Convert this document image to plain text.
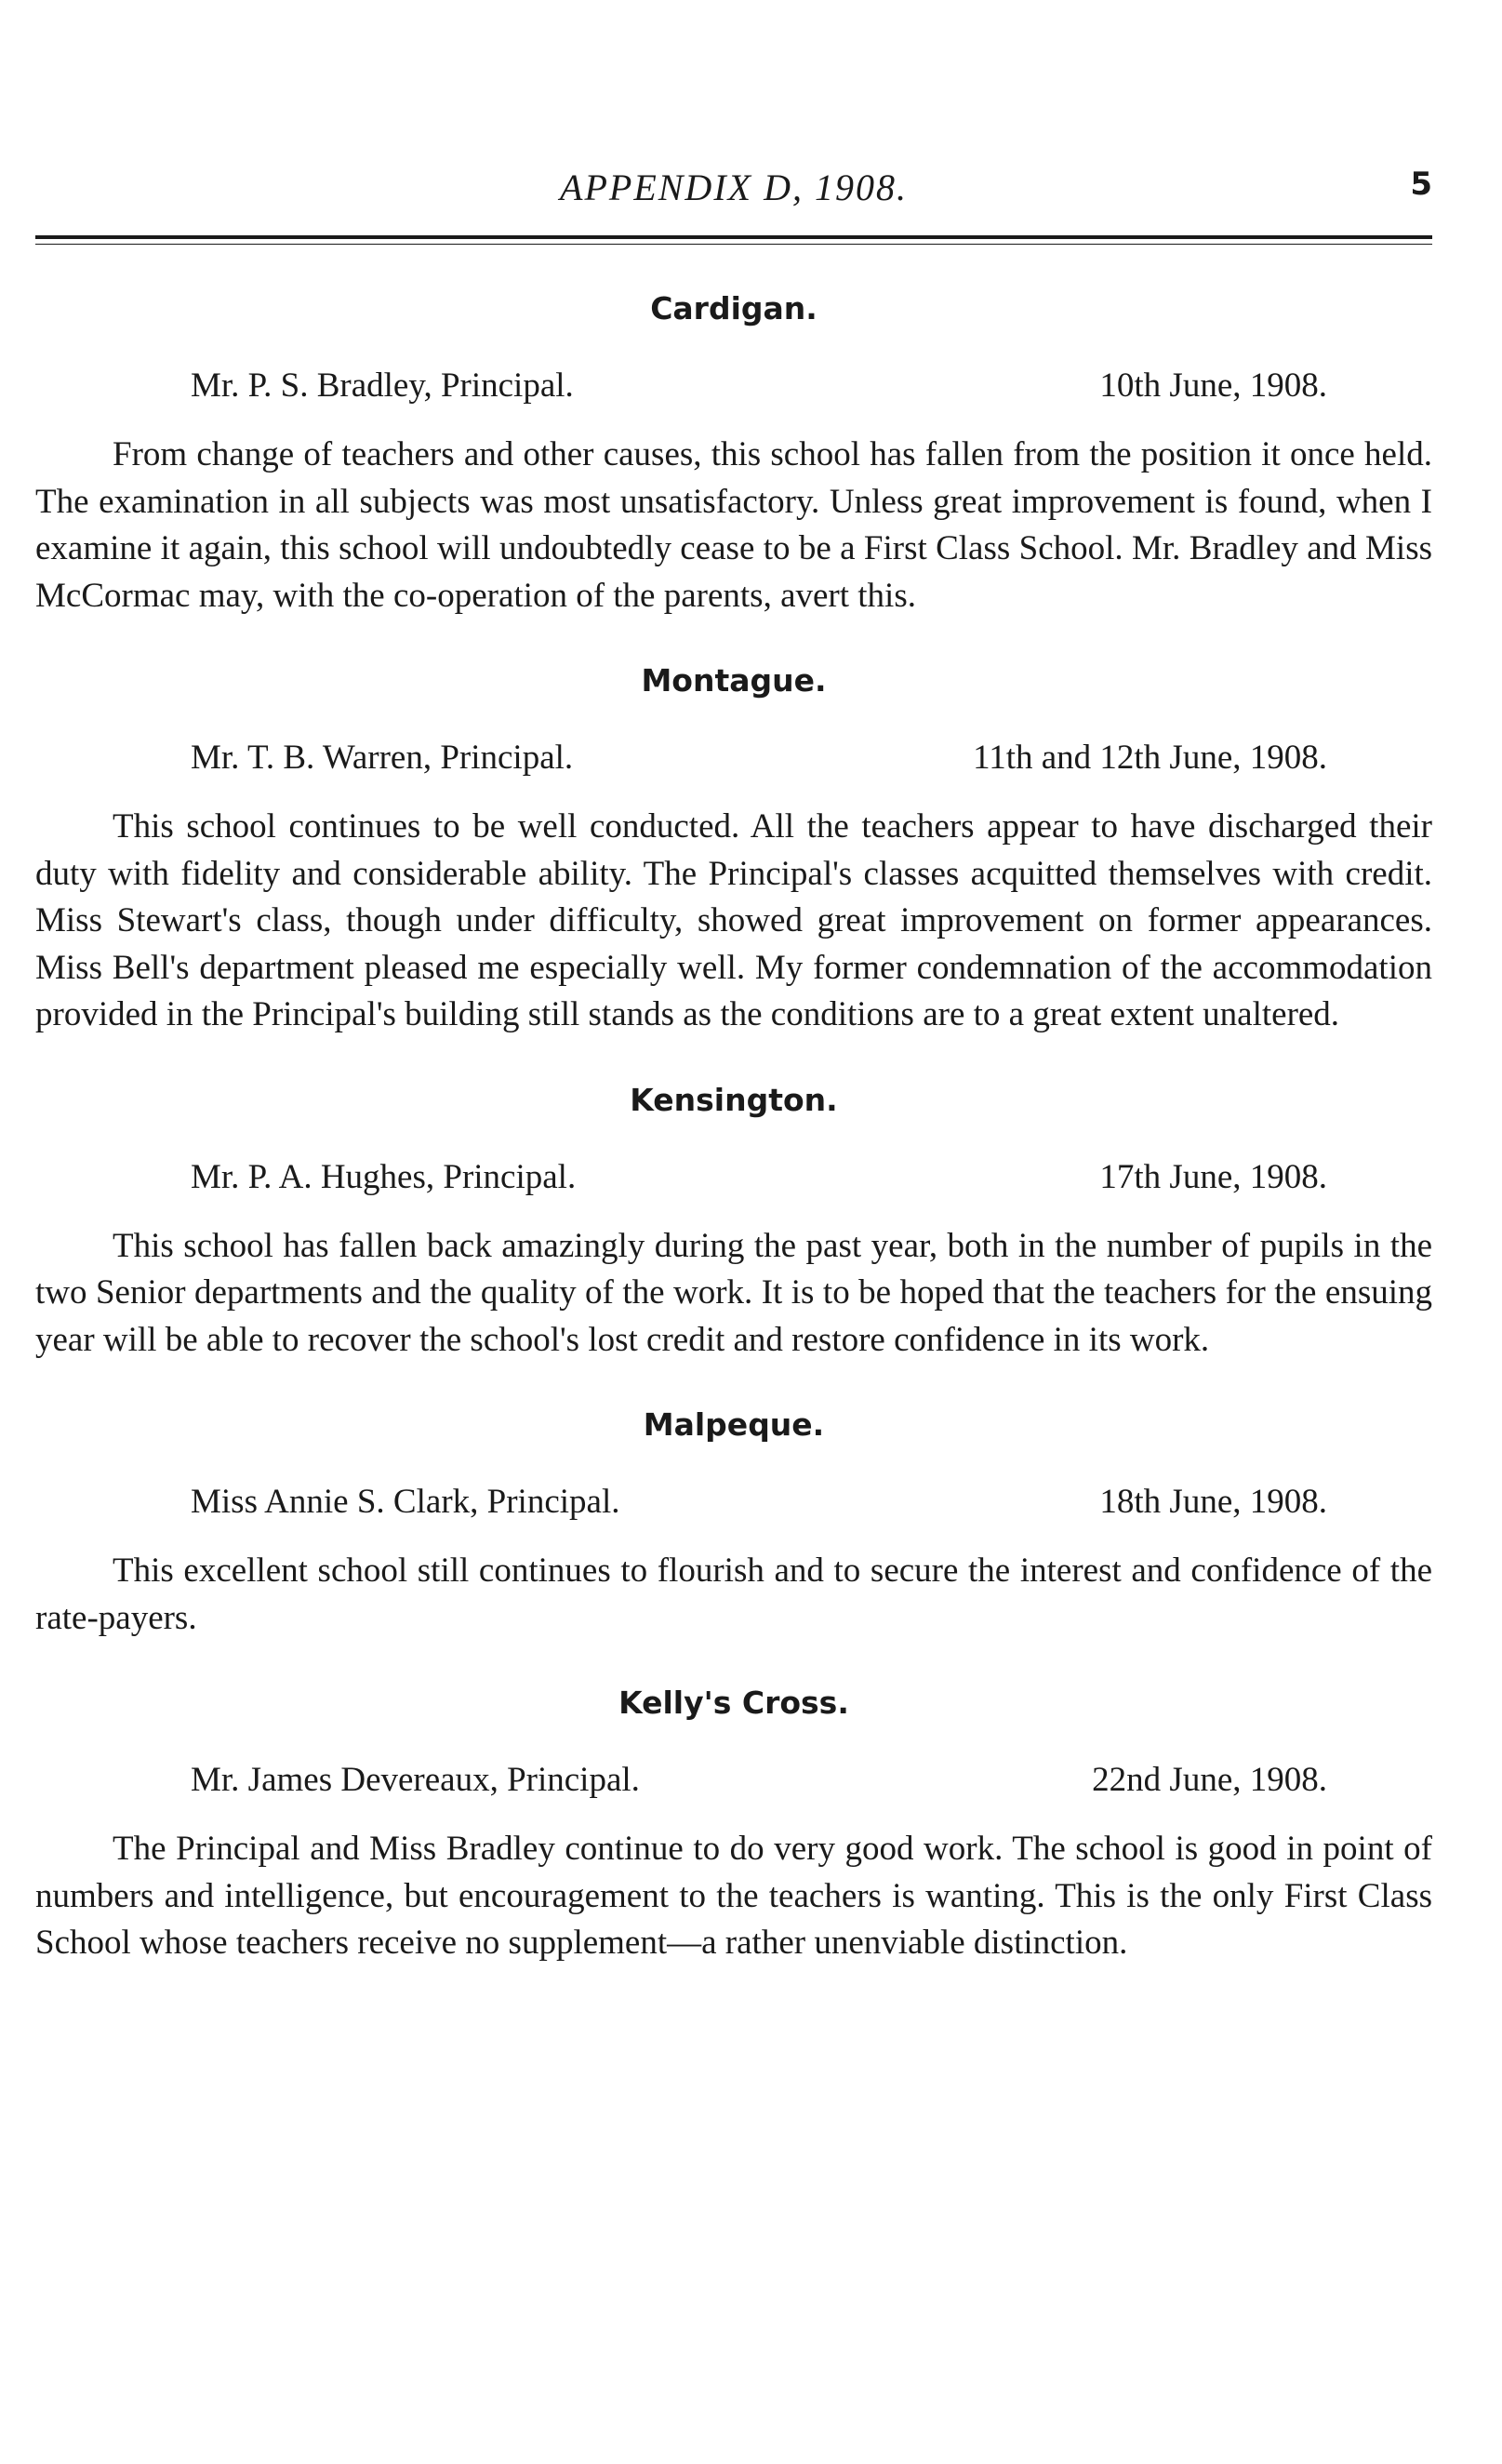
APPENDIX D, 1908.	5
Cardigan.
Mr. P. S. Bradley, Principal.	10th June, 1908.

From change of teachers and other causes, this school has fallen from the position it once held. The examination in all subjects was most unsatisfactory. Unless great improvement is found, when I examine it again, this school will undoubtedly cease to be a First Class School. Mr. Bradley and Miss McCormac may, with the co-operation of the parents, avert this.

Montague.
Mr. T. B. Warren, Principal.	11th and 12th June, 1908.

This school continues to be well conducted. All the teachers appear to have discharged their duty with fidelity and considerable ability. The Principal's classes acquitted themselves with credit. Miss Stewart's class, though under difficulty, showed great improvement on former appearances. Miss Bell's department pleased me especially well. My former condemnation of the accommodation provided in the Principal's building still stands as the conditions are to a great extent unaltered.

Kensington.
Mr. P. A. Hughes, Principal.	17th June, 1908.

This school has fallen back amazingly during the past year, both in the number of pupils in the two Senior departments and the quality of the work. It is to be hoped that the teachers for the ensuing year will be able to recover the school's lost credit and restore confidence in its work.

Malpeque.
Miss Annie S. Clark, Principal.	18th June, 1908.

This excellent school still continues to flourish and to secure the interest and confidence of the rate-payers.

Kelly's Cross.
Mr. James Devereaux, Principal.	22nd June, 1908.

The Principal and Miss Bradley continue to do very good work. The school is good in point of numbers and intelligence, but encouragement to the teachers is wanting. This is the only First Class School whose teachers receive no supplement—a rather unenviable distinction.
